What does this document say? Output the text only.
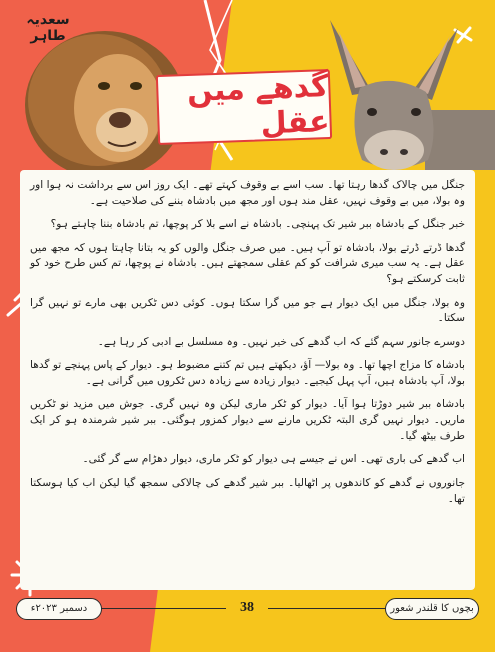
سعدیہ طاہر
گدھے میں عقل

جنگل میں چالاک گدھا رہتا تھا۔ سب اسے بے وقوف کہتے تھے۔ ایک روز اس سے برداشت نہ ہوا اور وہ بولا، میں بے وقوف نہیں، عقل مند ہوں اور مجھ میں بادشاہ بننے کی صلاحیت ہے۔

خبر جنگل کے بادشاہ ببر شیر تک پہنچی۔ بادشاہ نے اسے بلا کر پوچھا، تم بادشاہ بننا چاہتے ہو؟

گدھا ڈرتے ڈرتے بولا، بادشاہ تو آپ ہیں۔ میں صرف جنگل والوں کو یہ بتانا چاہتا ہوں کہ مجھ میں عقل ہے۔ یہ سب میری شرافت کو کم عقلی سمجھتے ہیں۔ بادشاہ نے پوچھا، تم کس طرح خود کو ثابت کرسکتے ہو؟

وہ بولا، جنگل میں ایک دیوار ہے جو میں گرا سکتا ہوں۔ کوئی دس ٹکریں بھی مارے تو نہیں گرا سکتا۔

دوسرے جانور سہم گئے کہ اب گدھے کی خیر نہیں۔ وہ مسلسل بے ادبی کر رہا ہے۔

بادشاہ کا مزاج اچھا تھا۔ وہ بولا— آؤ، دیکھتے ہیں تم کتنے مضبوط ہو۔ دیوار کے پاس پہنچے تو گدھا بولا، آپ بادشاہ ہیں، آپ پہل کیجیے۔ دیوار زیادہ سے زیادہ دس ٹکروں میں گرانی ہے۔

بادشاہ ببر شیر دوڑتا ہوا آیا۔ دیوار کو ٹکر ماری لیکن وہ نہیں گری۔ جوش میں مزید نو ٹکریں ماریں۔ دیوار نہیں گری البتہ ٹکریں مارنے سے دیوار کمزور ہوگئی۔ ببر شیر شرمندہ ہو کر ایک طرف بیٹھ گیا۔

اب گدھے کی باری تھی۔ اس نے جیسے ہی دیوار کو ٹکر ماری، دیوار دھڑام سے گر گئی۔

جانوروں نے گدھے کو کاندھوں پر اٹھالیا۔ ببر شیر گدھے کی چالاکی سمجھ گیا لیکن اب کیا ہوسکتا تھا۔

دسمبر ۲۰۲۳ء	38	بچوں کا قلندر شعور
